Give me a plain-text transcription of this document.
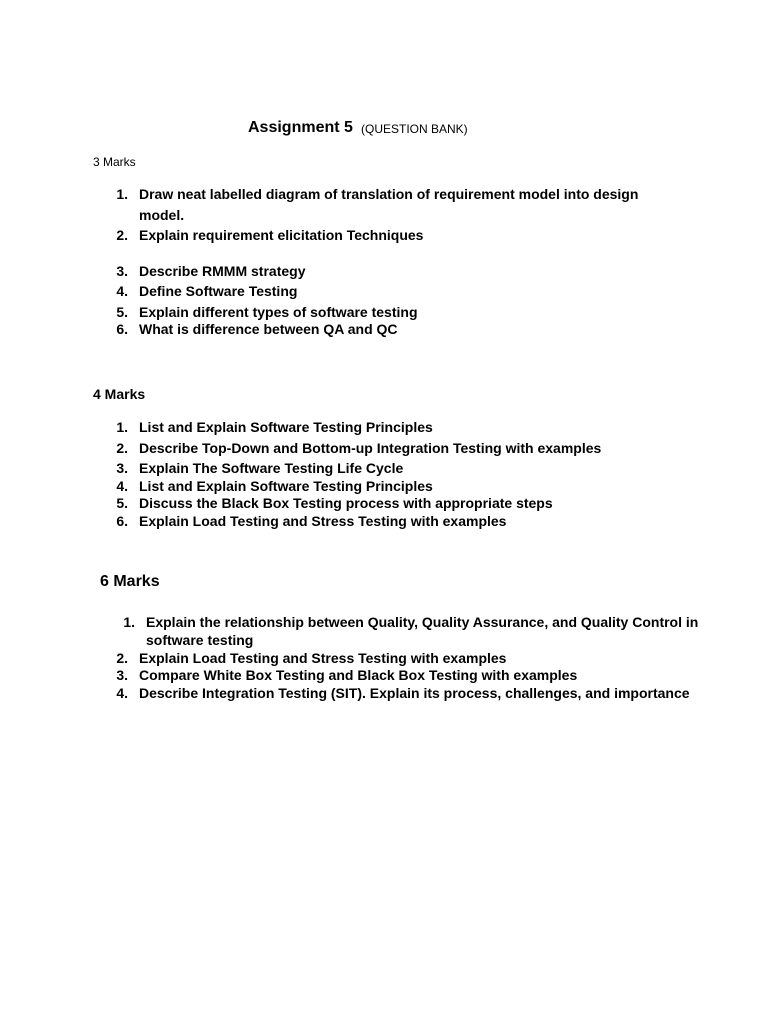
Assignment 5 (QUESTION BANK)
3 Marks
1. Draw neat labelled diagram of translation of requirement model into design
model.
2. Explain requirement elicitation Techniques
3. Describe RMMM strategy
4. Define Software Testing
5. Explain different types of software testing
6. What is difference between QA and QC
4 Marks
1. List and Explain Software Testing Principles
2. Describe Top-Down and Bottom-up Integration Testing with examples
3. Explain The Software Testing Life Cycle
4. List and Explain Software Testing Principles
5. Discuss the Black Box Testing process with appropriate steps
6. Explain Load Testing and Stress Testing with examples
6 Marks
1. Explain the relationship between Quality, Quality Assurance, and Quality Control in
software testing
2. Explain Load Testing and Stress Testing with examples
3. Compare White Box Testing and Black Box Testing with examples
4. Describe Integration Testing (SIT). Explain its process, challenges, and importance
